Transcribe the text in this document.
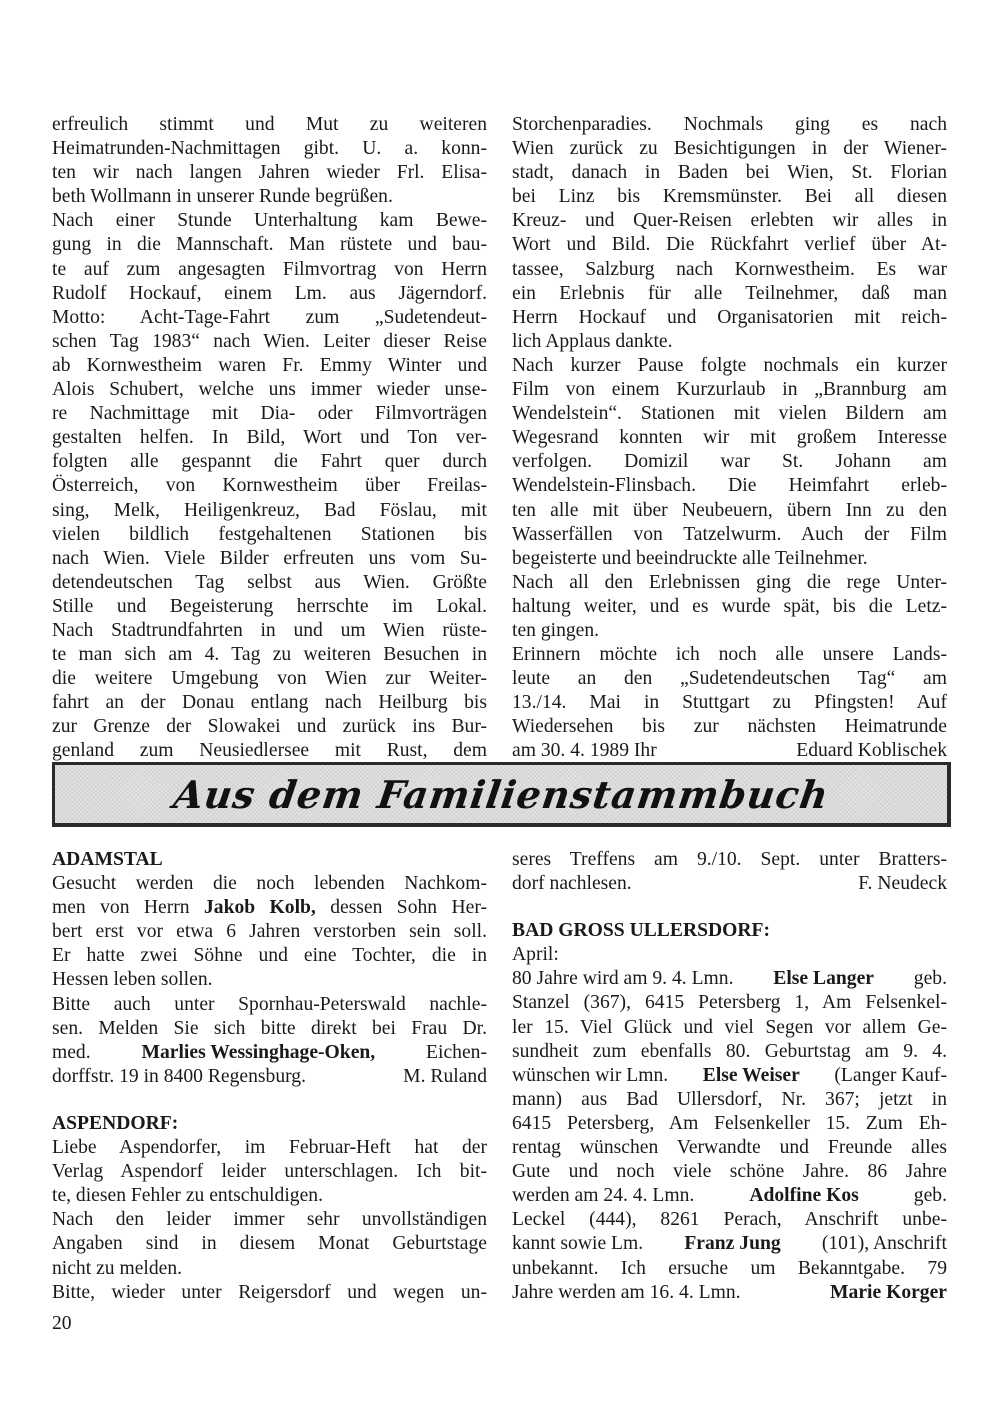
erfreulich stimmt und Mut zu weiteren
Heimatrunden-Nachmittagen gibt. U. a. konn-
ten wir nach langen Jahren wieder Frl. Elisa-
beth Wollmann in unserer Runde begrüßen.
Nach einer Stunde Unterhaltung kam Bewe-
gung in die Mannschaft. Man rüstete und bau-
te auf zum angesagten Filmvortrag von Herrn
Rudolf Hockauf, einem Lm. aus Jägerndorf.
Motto: Acht-Tage-Fahrt zum „Sudetendeut-
schen Tag 1983“ nach Wien. Leiter dieser Reise
ab Kornwestheim waren Fr. Emmy Winter und
Alois Schubert, welche uns immer wieder unse-
re Nachmittage mit Dia- oder Filmvorträgen
gestalten helfen. In Bild, Wort und Ton ver-
folgten alle gespannt die Fahrt quer durch
Österreich, von Kornwestheim über Freilas-
sing, Melk, Heiligenkreuz, Bad Föslau, mit
vielen bildlich festgehaltenen Stationen bis
nach Wien. Viele Bilder erfreuten uns vom Su-
detendeutschen Tag selbst aus Wien. Größte
Stille und Begeisterung herrschte im Lokal.
Nach Stadtrundfahrten in und um Wien rüste-
te man sich am 4. Tag zu weiteren Besuchen in
die weitere Umgebung von Wien zur Weiter-
fahrt an der Donau entlang nach Heilburg bis
zur Grenze der Slowakei und zurück ins Bur-
genland zum Neusiedlersee mit Rust, dem
Storchenparadies. Nochmals ging es nach
Wien zurück zu Besichtigungen in der Wiener-
stadt, danach in Baden bei Wien, St. Florian
bei Linz bis Kremsmünster. Bei all diesen
Kreuz- und Quer-Reisen erlebten wir alles in
Wort und Bild. Die Rückfahrt verlief über At-
tassee, Salzburg nach Kornwestheim. Es war
ein Erlebnis für alle Teilnehmer, daß man
Herrn Hockauf und Organisatorien mit reich-
lich Applaus dankte.
Nach kurzer Pause folgte nochmals ein kurzer
Film von einem Kurzurlaub in „Brannburg am
Wendelstein“. Stationen mit vielen Bildern am
Wegesrand konnten wir mit großem Interesse
verfolgen. Domizil war St. Johann am
Wendelstein-Flinsbach. Die Heimfahrt erleb-
ten alle mit über Neubeuern, übern Inn zu den
Wasserfällen von Tatzelwurm. Auch der Film
begeisterte und beeindruckte alle Teilnehmer.
Nach all den Erlebnissen ging die rege Unter-
haltung weiter, und es wurde spät, bis die Letz-
ten gingen.
Erinnern möchte ich noch alle unsere Lands-
leute an den „Sudetendeutschen Tag“ am
13./14. Mai in Stuttgart zu Pfingsten! Auf
Wiedersehen bis zur nächsten Heimatrunde
am 30. 4. 1989 Ihr	Eduard Koblischek
Aus dem Familienstammbuch
ADAMSTAL
Gesucht werden die noch lebenden Nachkom-
men von Herrn Jakob Kolb, dessen Sohn Her-
bert erst vor etwa 6 Jahren verstorben sein soll.
Er hatte zwei Söhne und eine Tochter, die in
Hessen leben sollen.
Bitte auch unter Spornhau-Peterswald nachle-
sen. Melden Sie sich bitte direkt bei Frau Dr.
med.	Marlies Wessinghage-Oken,	Eichen-
dorffstr. 19 in 8400 Regensburg.	M. Ruland
ASPENDORF:
Liebe Aspendorfer, im Februar-Heft hat der
Verlag Aspendorf leider unterschlagen. Ich bit-
te, diesen Fehler zu entschuldigen.
Nach den leider immer sehr unvollständigen
Angaben sind in diesem Monat Geburtstage
nicht zu melden.
Bitte, wieder unter Reigersdorf und wegen un-
seres Treffens am 9./10. Sept. unter Bratters-
dorf nachlesen.	F. Neudeck
BAD GROSS ULLERSDORF:
April:
80 Jahre wird am 9. 4. Lmn. Else Langer geb.
Stanzel (367), 6415 Petersberg 1, Am Felsenkel-
ler 15. Viel Glück und viel Segen vor allem Ge-
sundheit zum ebenfalls 80. Geburtstag am 9. 4.
wünschen wir Lmn. Else Weiser (Langer Kauf-
mann) aus Bad Ullersdorf, Nr. 367; jetzt in
6415 Petersberg, Am Felsenkeller 15. Zum Eh-
rentag wünschen Verwandte und Freunde alles
Gute und noch viele schöne Jahre. 86 Jahre
werden am 24. 4. Lmn.	Adolfine Kos	geb.
Leckel (444), 8261 Perach, Anschrift unbe-
kannt sowie Lm. Franz Jung (101), Anschrift
unbekannt. Ich ersuche um Bekanntgabe. 79
Jahre werden am 16. 4. Lmn.	Marie Korger
20
